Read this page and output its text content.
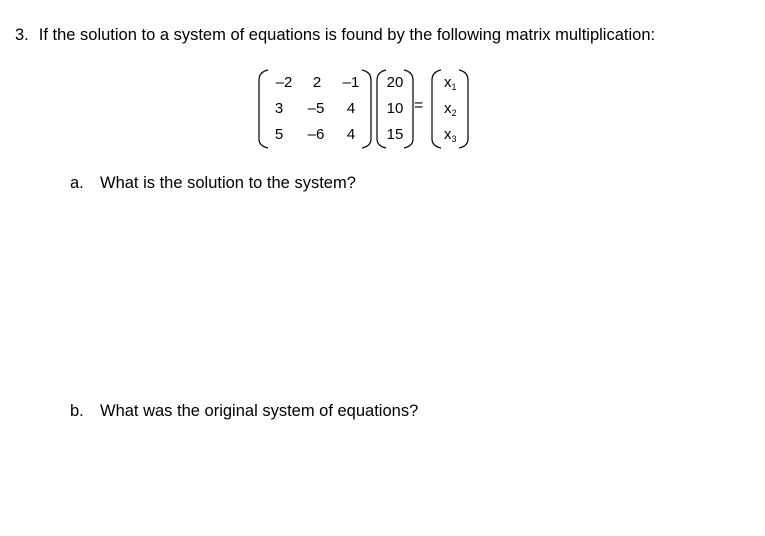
3. If the solution to a system of equations is found by the following matrix multiplication:
–2 2 –1
3 –5 4
5 –6 4
20
10
15
=
$x_1$
$x_2$
$x_3$
a. What is the solution to the system?
b. What was the original system of equations?
